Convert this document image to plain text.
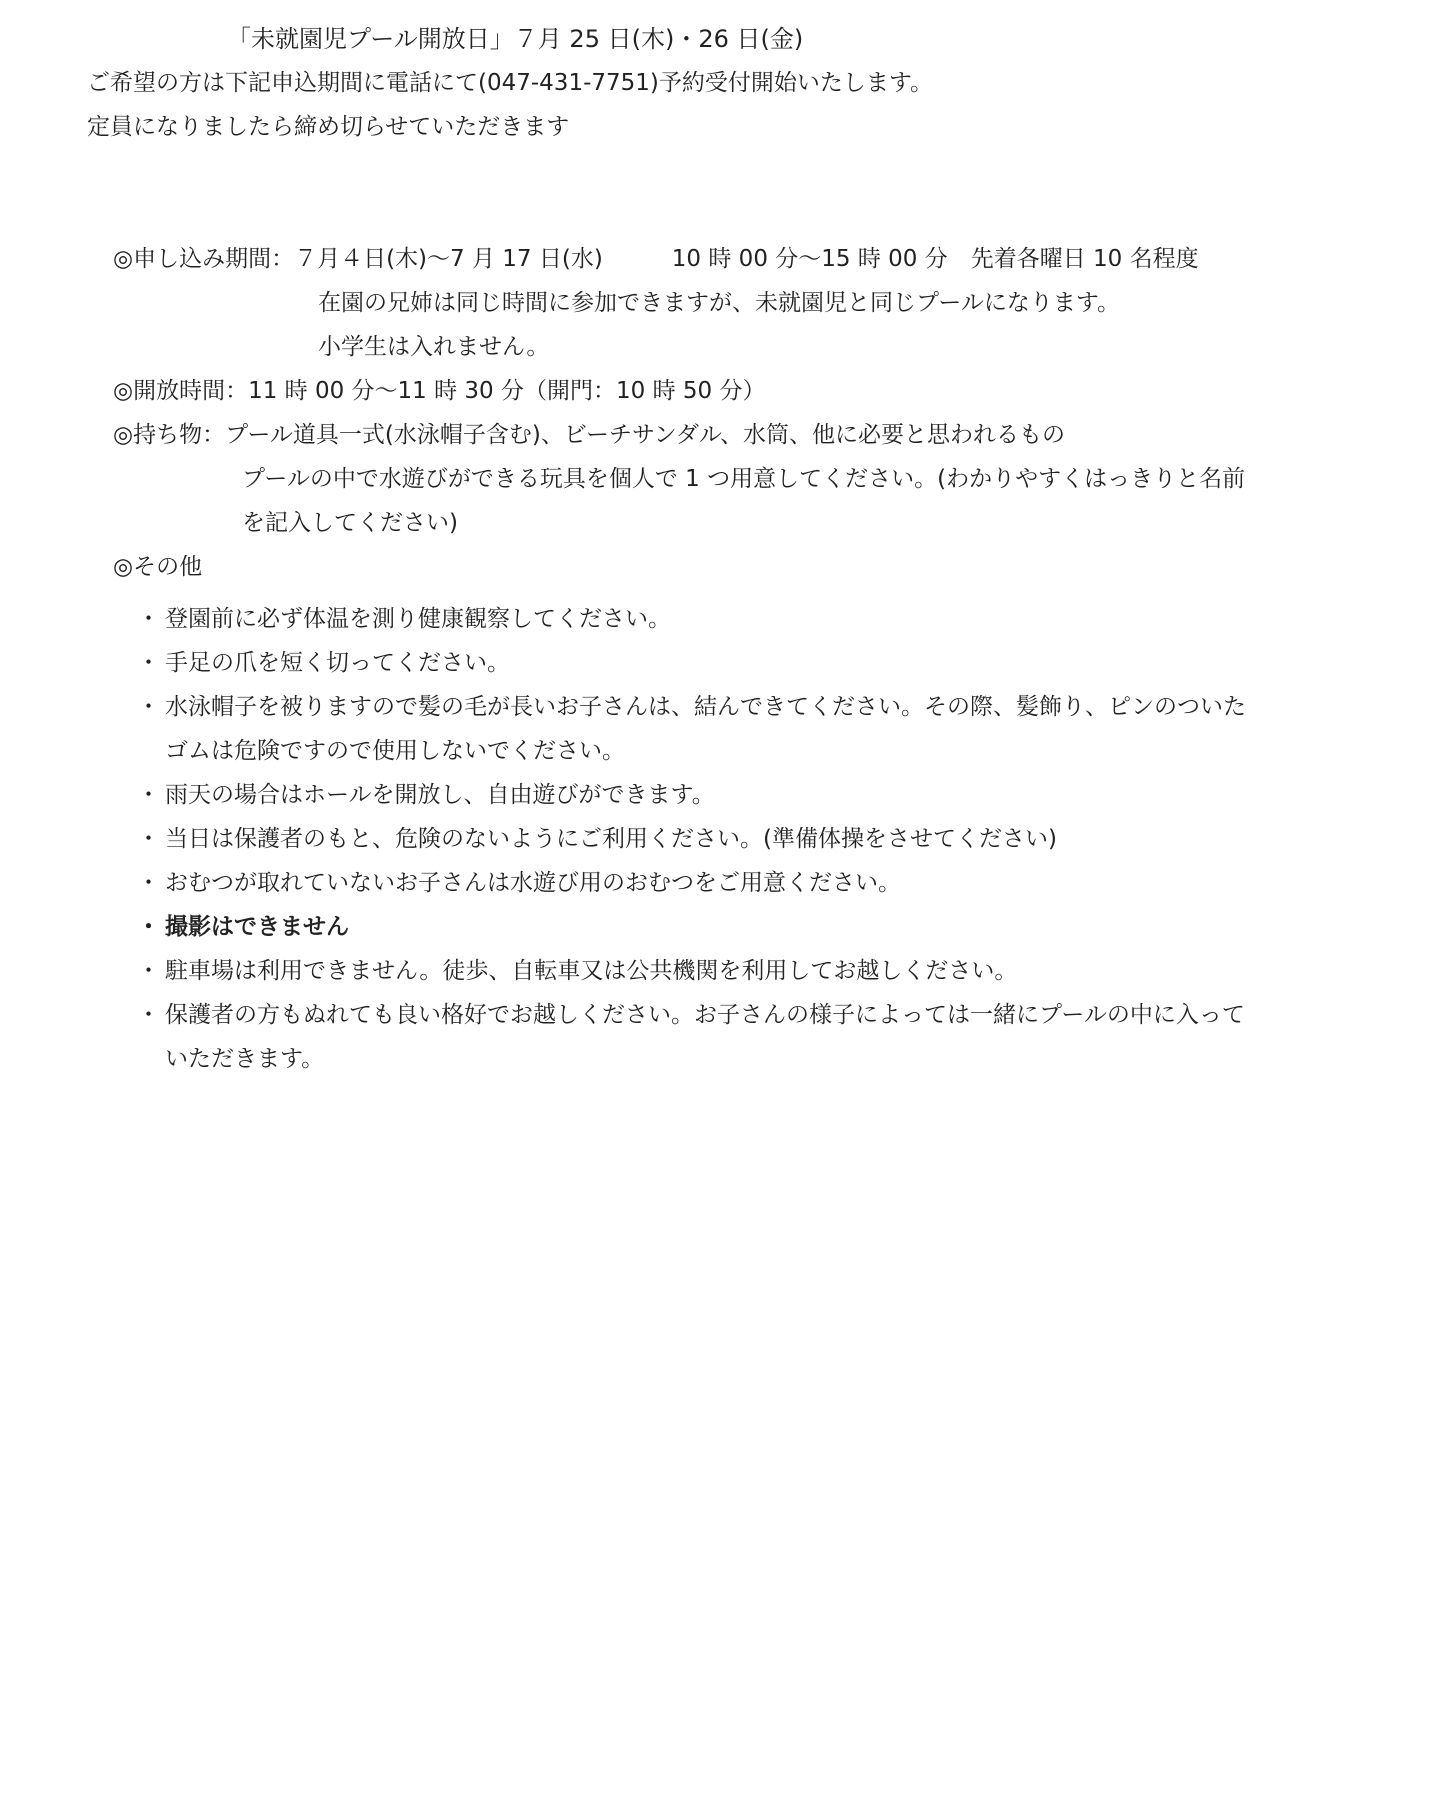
「未就園児プール開放日」７月 25 日(木)・26 日(金)
ご希望の方は下記申込期間に電話にて(047-431-7751)予約受付開始いたします。
定員になりましたら締め切らせていただきます
◎申し込み期間：７月４日(木)～7 月 17 日(水)　　　10 時 00 分～15 時 00 分　先着各曜日 10 名程度
在園の兄姉は同じ時間に参加できますが、未就園児と同じプールになります。
小学生は入れません。
◎開放時間：11 時 00 分～11 時 30 分（開門：10 時 50 分）
◎持ち物：プール道具一式(水泳帽子含む)、ビーチサンダル、水筒、他に必要と思われるもの
プールの中で水遊びができる玩具を個人で 1 つ用意してください。(わかりやすくはっきりと名前
を記入してください)
◎その他
・ 登園前に必ず体温を測り健康観察してください。
・ 手足の爪を短く切ってください。
・ 水泳帽子を被りますので髪の毛が長いお子さんは、結んできてください。その際、髪飾り、ピンのついた
ゴムは危険ですので使用しないでください。
・ 雨天の場合はホールを開放し、自由遊びができます。
・ 当日は保護者のもと、危険のないようにご利用ください。(準備体操をさせてください)
・ おむつが取れていないお子さんは水遊び用のおむつをご用意ください。
・ 撮影はできません
・ 駐車場は利用できません。徒歩、自転車又は公共機関を利用してお越しください。
・ 保護者の方もぬれても良い格好でお越しください。お子さんの様子によっては一緒にプールの中に入って
いただきます。
